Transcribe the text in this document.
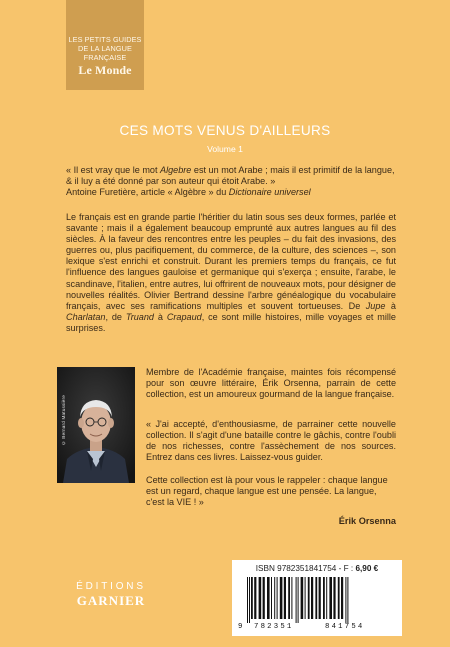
LES PETITS GUIDES
DE LA LANGUE
FRANÇAISE
Le Monde
CES MOTS VENUS D'AILLEURS
Volume 1

« Il est vray que le mot Algebre est un mot Arabe ; mais il est primitif de la langue, & il luy a été donné par son auteur qui étoit Arabe. »

Antoine Furetière, article « Algèbre » du Dictionaire universel

Le français est en grande partie l'héritier du latin sous ses deux formes, parlée et savante ; mais il a également beaucoup emprunté aux autres langues au fil des siècles. À la faveur des rencontres entre les peuples – du fait des invasions, des guerres ou, plus pacifiquement, du commerce, de la culture, des sciences –, son lexique s'est enrichi et construit. Durant les premiers temps du français, ce fut l'influence des langues gauloise et germanique qui s'exerça ; ensuite, l'arabe, le scandinave, l'italien, entre autres, lui offrirent de nouveaux mots, pour désigner de nouvelles réalités. Olivier Bertrand dessine l'arbre généalogique du vocabulaire français, avec ses ramifications multiples et souvent tortueuses. De Jupe à Charlatan, de Truand à Crapaud, ce sont mille histoires, mille voyages et mille surprises.

© Bernard Matussière

Membre de l'Académie française, maintes fois récompensé pour son œuvre littéraire, Érik Orsenna, parrain de cette collection, est un amoureux gourmand de la langue française.

« J'ai accepté, d'enthousiasme, de parrainer cette nouvelle collection. Il s'agit d'une bataille contre le gâchis, contre l'oubli de nos richesses, contre l'assèchement de nos sources. Entrez dans ces livres. Laissez-vous guider.

Cette collection est là pour vous le rappeler : chaque langue est un regard, chaque langue est une pensée. La langue, c'est la VIE ! »

Érik Orsenna
ÉDITIONS
GARNIER
ISBN 9782351841754 - F : 6,90 €
9 782351	841754
